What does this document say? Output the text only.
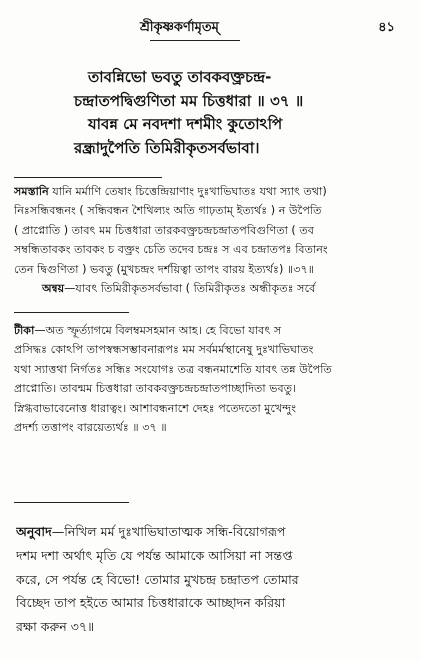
শ্রীকৃষ্ণকর্ণামৃতম্‌	৪১
তাবন্নিভো ভবতু তাবকবক্ত্রচন্দ্র-
চন্দ্রাতপদ্বিগুণিতা মম চিত্তধারা ॥ ৩৭ ॥
যাবন্ন মে নবদশা দশমীং কুতোঽপি
রন্ধ্রাদুপৈতি তিমিরীকৃতসর্বভাবা।
সমস্তানি যানি মর্মাণি তেষাং চিত্তেন্দ্রিয়াণাং দুঃখাভিঘাতঃ যথা স্যাৎ তথা)
নিঃসন্ধিবন্ধনং ( সন্ধিবন্ধন শৈথিল্যং অতি গাঢ়তাম্‌ ইত্যর্থঃ ) ন উপৈতি
( প্রাপ্নোতি ) তাবৎ মম চিত্তধারা তারকবক্ত্রচন্দ্রচন্দ্রাতপবিগুণিতা ( তব
সম্বন্ধিতাবকং তাবকং চ বক্ত্রং চেতি তদেব চন্দ্রঃ স এব চন্দ্রাতপঃ বিতানং
তেন দ্বিগুণিতা ) ভবতু (মুখচন্দ্রং দর্শয়িত্বা তাপং বারয় ইত্যর্থঃ) ॥৩৭॥
অন্বয়—যাবৎ তিমিরীকৃতসর্বভাবা ( তিমিরীকৃতঃ অন্ধীকৃতঃ সর্বে
টীকা—অত স্ফূর্ত্যাগমে বিলম্বমসহমান আহ। হে বিভো যাবৎ স
প্রসিদ্ধঃ কোঽপি তাপস্বন্ধসম্ভাবনারূপঃ মম সর্বমর্মস্থানেষু দুঃখাভিঘাতং
যথা স্যাত্তথা নির্গতঃ সন্ধিঃ সংযোগঃ তত্র বন্ধনমাশেতি যাবৎ তন্ন উপৈতি
প্রাপ্নোতি। তাবন্মম চিত্তধারা তাবকবক্ত্রচন্দ্রচন্দ্রাতপাচ্ছাদিতা ভবতু।
স্নিগ্ধবাভাবেনোত্ত ধারাত্বং। আশাবন্ধনাশে দেহঃ পতেদতো মুখেন্দুং
প্রদর্শ্য তত্তাপং বারয়েত্যর্থঃ ॥ ৩৭ ॥
অনুবাদ—নিখিল মর্ম দুঃখাভিঘাতাত্মক সন্ধি-বিয়োগরূপ
দশম দশা অর্থাৎ মৃতি যে পর্যন্ত আমাকে আসিয়া না সন্তপ্ত
করে, সে পর্যন্ত হে বিভো! তোমার মুখচন্দ্র চন্দ্রাতপ তোমার
বিচ্ছেদ তাপ হইতে আমার চিত্তধারাকে আচ্ছাদন করিয়া
রক্ষা করুন ৩৭॥
